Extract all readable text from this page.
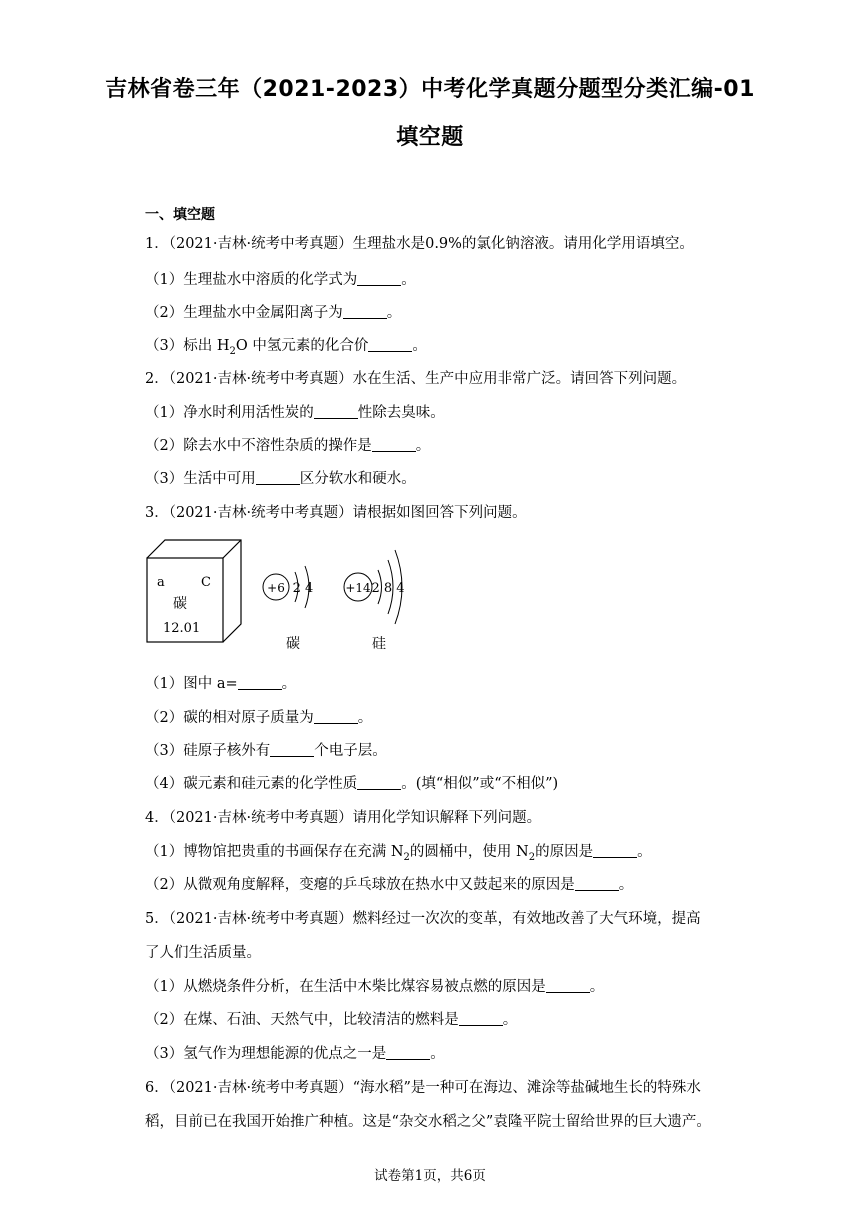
吉林省卷三年（2021-2023）中考化学真题分题型分类汇编-01
填空题
一、填空题
1．（2021·吉林·统考中考真题）生理盐水是0.9%的氯化钠溶液。请用化学用语填空。
（1）生理盐水中溶质的化学式为	。
（2）生理盐水中金属阳离子为	。
（3）标出 $H_2O$ 中氢元素的化合价	。
2．（2021·吉林·统考中考真题）水在生活、生产中应用非常广泛。请回答下列问题。
（1）净水时利用活性炭的	性除去臭味。
（2）除去水中不溶性杂质的操作是	。
（3）生活中可用	区分软水和硬水。
3．（2021·吉林·统考中考真题）请根据如图回答下列问题。
a	C
碳
12.01
+6 2 4
碳
+14 2 8 4
硅
（1）图中 a=	。
（2）碳的相对原子质量为	。
（3）硅原子核外有	个电子层。
（4）碳元素和硅元素的化学性质	。(填“相似”或“不相似”)
4．（2021·吉林·统考中考真题）请用化学知识解释下列问题。
（1）博物馆把贵重的书画保存在充满 $N_2$的圆桶中，使用 $N_2$的原因是	。
（2）从微观角度解释，变瘪的乒乓球放在热水中又鼓起来的原因是	。
5．（2021·吉林·统考中考真题）燃料经过一次次的变革，有效地改善了大气环境，提高
了人们生活质量。
（1）从燃烧条件分析，在生活中木柴比煤容易被点燃的原因是	。
（2）在煤、石油、天然气中，比较清洁的燃料是	。
（3）氢气作为理想能源的优点之一是	。
6．（2021·吉林·统考中考真题）“海水稻”是一种可在海边、滩涂等盐碱地生长的特殊水
稻，目前已在我国开始推广种植。这是“杂交水稻之父”袁隆平院士留给世界的巨大遗产。
试卷第1页，共6页
